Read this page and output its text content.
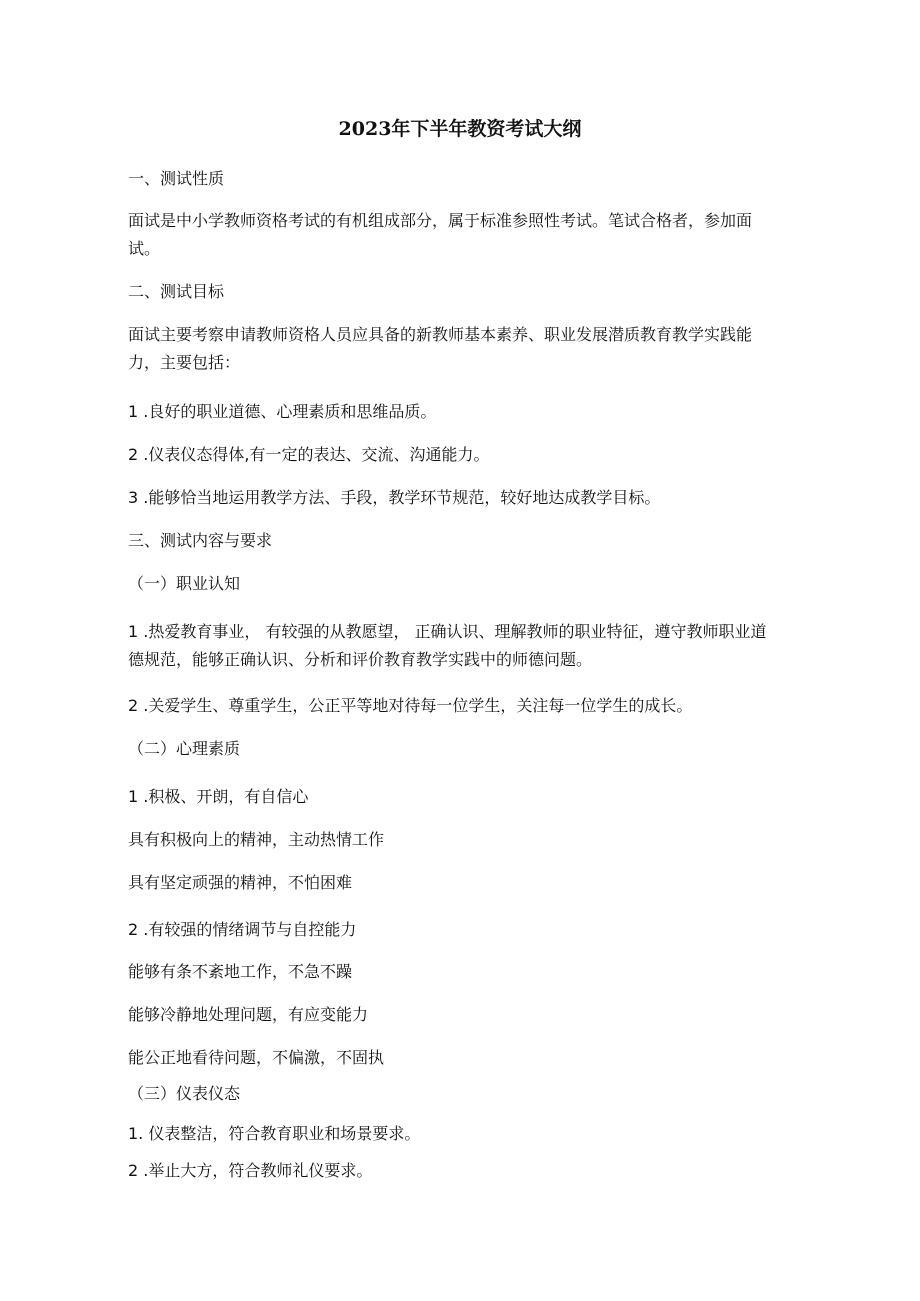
2023年下半年教资考试大纲

一、测试性质

面试是中小学教师资格考试的有机组成部分，属于标准参照性考试。笔试合格者，参加面试。

二、测试目标

面试主要考察申请教师资格人员应具备的新教师基本素养、职业发展潜质教育教学实践能力，主要包括：

1 .良好的职业道德、心理素质和思维品质。

2 .仪表仪态得体,有一定的表达、交流、沟通能力。

3 .能够恰当地运用教学方法、手段，教学环节规范，较好地达成教学目标。

三、测试内容与要求

（一）职业认知

1 .热爱教育事业， 有较强的从教愿望， 正确认识、理解教师的职业特征，遵守教师职业道德规范，能够正确认识、分析和评价教育教学实践中的师德问题。

2 .关爱学生、尊重学生，公正平等地对待每一位学生，关注每一位学生的成长。

（二）心理素质

1 .积极、开朗，有自信心

具有积极向上的精神，主动热情工作

具有坚定顽强的精神，不怕困难

2 .有较强的情绪调节与自控能力

能够有条不紊地工作，不急不躁

能够冷静地处理问题，有应变能力

能公正地看待问题，不偏激，不固执

（三）仪表仪态

1. 仪表整洁，符合教育职业和场景要求。

2 .举止大方，符合教师礼仪要求。
